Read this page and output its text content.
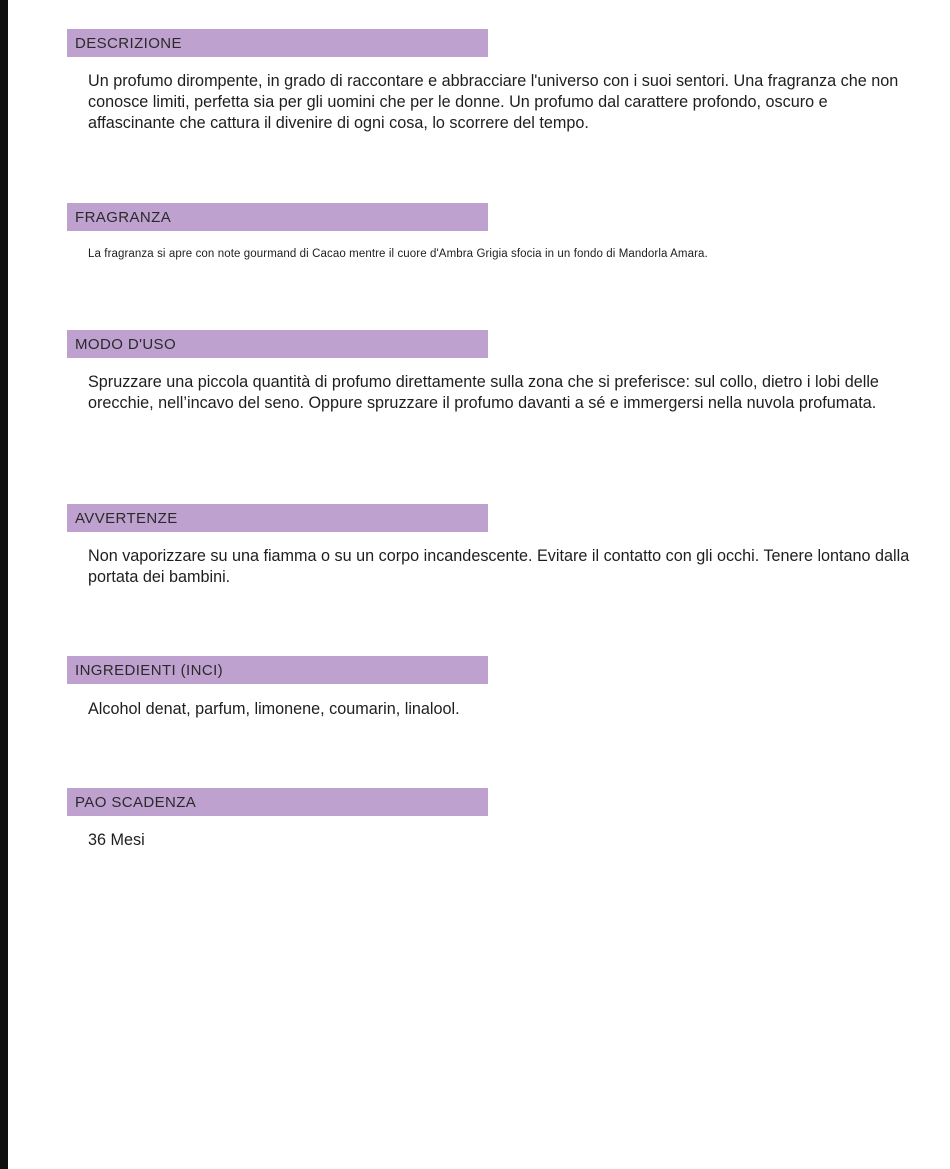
DESCRIZIONE

Un profumo dirompente, in grado di raccontare e abbracciare l'universo con i suoi sentori. Una fragranza che non conosce limiti, perfetta sia per gli uomini che per le donne. Un profumo dal carattere profondo, oscuro e affascinante che cattura il divenire di ogni cosa, lo scorrere del tempo.

FRAGRANZA

La fragranza si apre con note gourmand di Cacao mentre il cuore d'Ambra Grigia sfocia in un fondo di Mandorla Amara.

MODO D'USO

Spruzzare una piccola quantità di profumo direttamente sulla zona che si preferisce: sul collo, dietro i lobi delle orecchie, nell’incavo del seno. Oppure spruzzare il profumo davanti a sé e immergersi nella nuvola profumata.

AVVERTENZE

Non vaporizzare su una fiamma o su un corpo incandescente. Evitare il contatto con gli occhi. Tenere lontano dalla portata dei bambini.

INGREDIENTI (INCI)

Alcohol denat, parfum, limonene, coumarin, linalool.

PAO SCADENZA

36 Mesi
